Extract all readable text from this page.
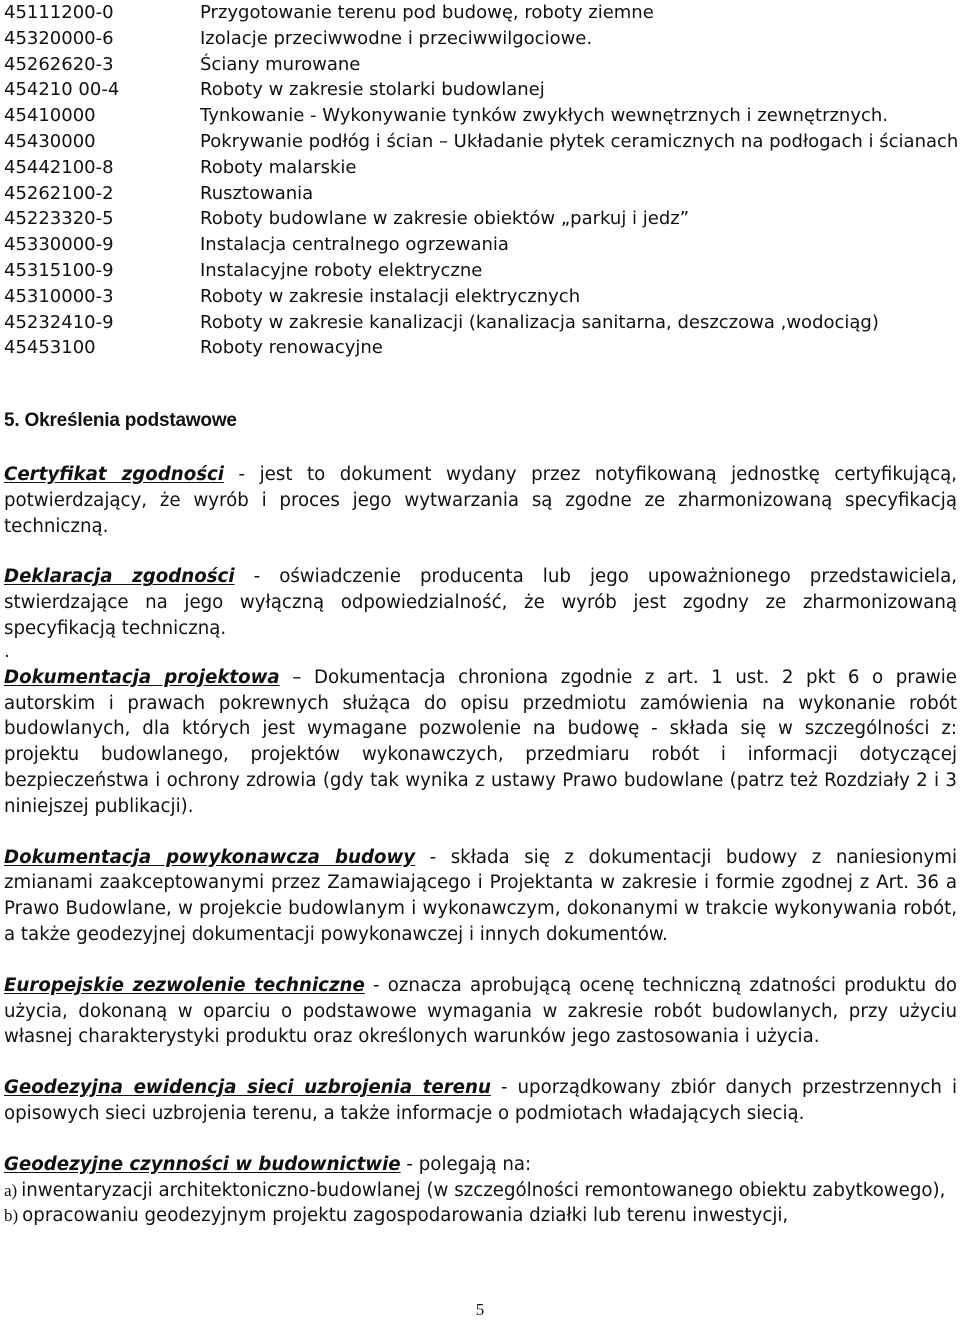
45111200-0	Przygotowanie terenu pod budowę, roboty ziemne
45320000-6	Izolacje przeciwwodne i przeciwwilgociowe.
45262620-3	Ściany murowane
454210 00-4	Roboty w zakresie stolarki budowlanej
45410000	Tynkowanie - Wykonywanie tynków zwykłych wewnętrznych i zewnętrznych.
45430000	Pokrywanie podłóg i ścian – Układanie płytek ceramicznych na podłogach i ścianach
45442100-8	Roboty malarskie
45262100-2	Rusztowania
45223320-5	Roboty budowlane w zakresie obiektów „parkuj i jedz”
45330000-9	Instalacja centralnego ogrzewania
45315100-9	Instalacyjne roboty elektryczne
45310000-3	Roboty w zakresie instalacji elektrycznych
45232410-9	Roboty w zakresie kanalizacji (kanalizacja sanitarna, deszczowa ,wodociąg)
45453100	Roboty renowacyjne
5. Określenia podstawowe

Certyfikat zgodności - jest to dokument wydany przez notyfikowaną jednostkę certyfikującą, potwierdzający, że wyrób i proces jego wytwarzania są zgodne ze zharmonizowaną specyfikacją techniczną.

Deklaracja zgodności - oświadczenie producenta lub jego upoważnionego przedstawiciela, stwierdzające na jego wyłączną odpowiedzialność, że wyrób jest zgodny ze zharmonizowaną specyfikacją techniczną.

.

Dokumentacja projektowa – Dokumentacja chroniona zgodnie z art. 1 ust. 2 pkt 6 o prawie autorskim i prawach pokrewnych służąca do opisu przedmiotu zamówienia na wykonanie robót budowlanych, dla których jest wymagane pozwolenie na budowę - składa się w szczególności z: projektu budowlanego, projektów wykonawczych, przedmiaru robót i informacji dotyczącej bezpieczeństwa i ochrony zdrowia (gdy tak wynika z ustawy Prawo budowlane (patrz też Rozdziały 2 i 3 niniejszej publikacji).

Dokumentacja powykonawcza budowy - składa się z dokumentacji budowy z naniesionymi zmianami zaakceptowanymi przez Zamawiającego i Projektanta w zakresie i formie zgodnej z Art. 36 a Prawo Budowlane, w projekcie budowlanym i wykonawczym, dokonanymi w trakcie wykonywania robót, a także geodezyjnej dokumentacji powykonawczej i innych dokumentów.

Europejskie zezwolenie techniczne - oznacza aprobującą ocenę techniczną zdatności produktu do użycia, dokonaną w oparciu o podstawowe wymagania w zakresie robót budowlanych, przy użyciu własnej charakterystyki produktu oraz określonych warunków jego zastosowania i użycia.

Geodezyjna ewidencja sieci uzbrojenia terenu - uporządkowany zbiór danych przestrzennych i opisowych sieci uzbrojenia terenu, a także informacje o podmiotach władających siecią.

Geodezyjne czynności w budownictwie - polegają na:

a) inwentaryzacji architektoniczno-budowlanej (w szczególności remontowanego obiektu zabytkowego),
b) opracowaniu geodezyjnym projektu zagospodarowania działki lub terenu inwestycji,
5
